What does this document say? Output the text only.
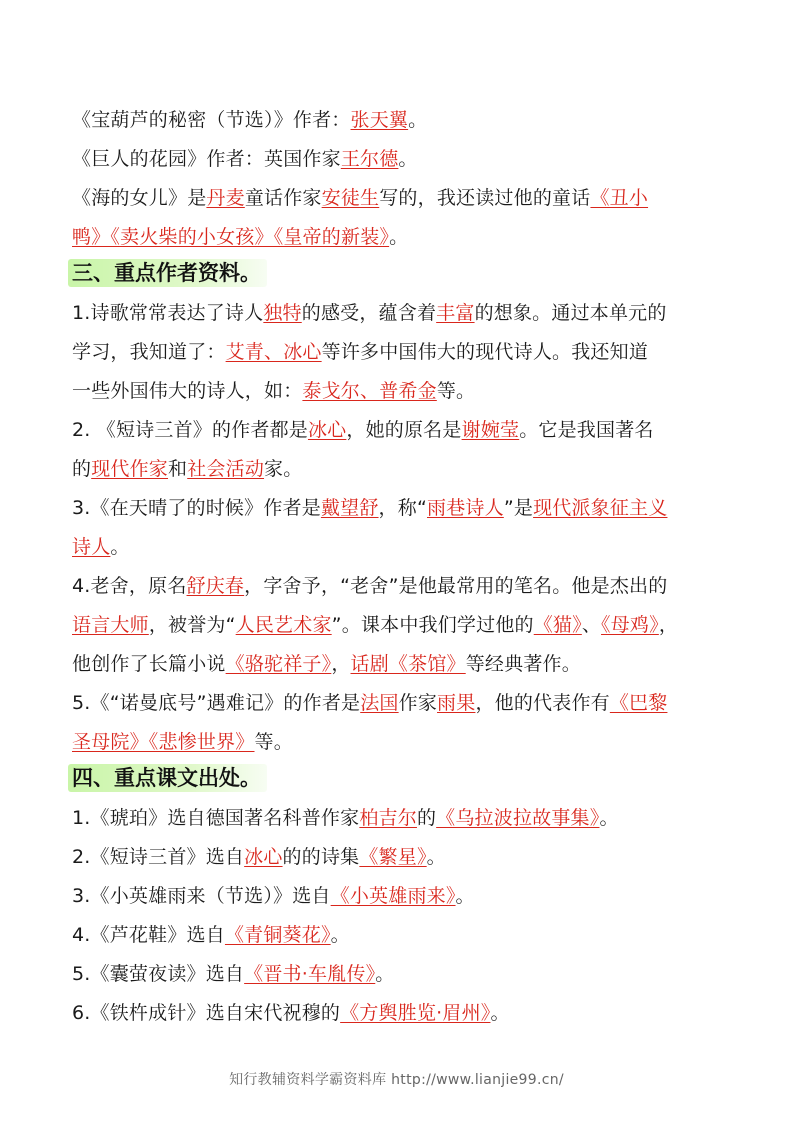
《宝葫芦的秘密（节选）》作者：张天翼。
《巨人的花园》作者：英国作家王尔德。
《海的女儿》是丹麦童话作家安徒生写的，我还读过他的童话《丑小
鸭》《卖火柴的小女孩》《皇帝的新装》。
三、重点作者资料。
1.诗歌常常表达了诗人独特的感受，蕴含着丰富的想象。通过本单元的
学习，我知道了：艾青、冰心等许多中国伟大的现代诗人。我还知道
一些外国伟大的诗人，如：泰戈尔、普希金等。
2. 《短诗三首》的作者都是冰心，她的原名是谢婉莹。它是我国著名
的现代作家和社会活动家。
3.《在天晴了的时候》作者是戴望舒，称“雨巷诗人”是现代派象征主义
诗人。
4.老舍，原名舒庆春，字舍予，“老舍”是他最常用的笔名。他是杰出的
语言大师，被誉为“人民艺术家”。课本中我们学过他的《猫》、《母鸡》，
他创作了长篇小说《骆驼祥子》，话剧《茶馆》等经典著作。
5.《“诺曼底号”遇难记》的作者是法国作家雨果，他的代表作有《巴黎
圣母院》《悲惨世界》等。
四、重点课文出处。
1.《琥珀》选自德国著名科普作家柏吉尔的《乌拉波拉故事集》。
2.《短诗三首》选自冰心的的诗集《繁星》。
3.《小英雄雨来（节选）》选自《小英雄雨来》。
4.《芦花鞋》选自《青铜葵花》。
5.《囊萤夜读》选自《晋书·车胤传》。
6.《铁杵成针》选自宋代祝穆的《方舆胜览·眉州》。
知行教辅资料学霸资料库 http://www.lianjie99.cn/
